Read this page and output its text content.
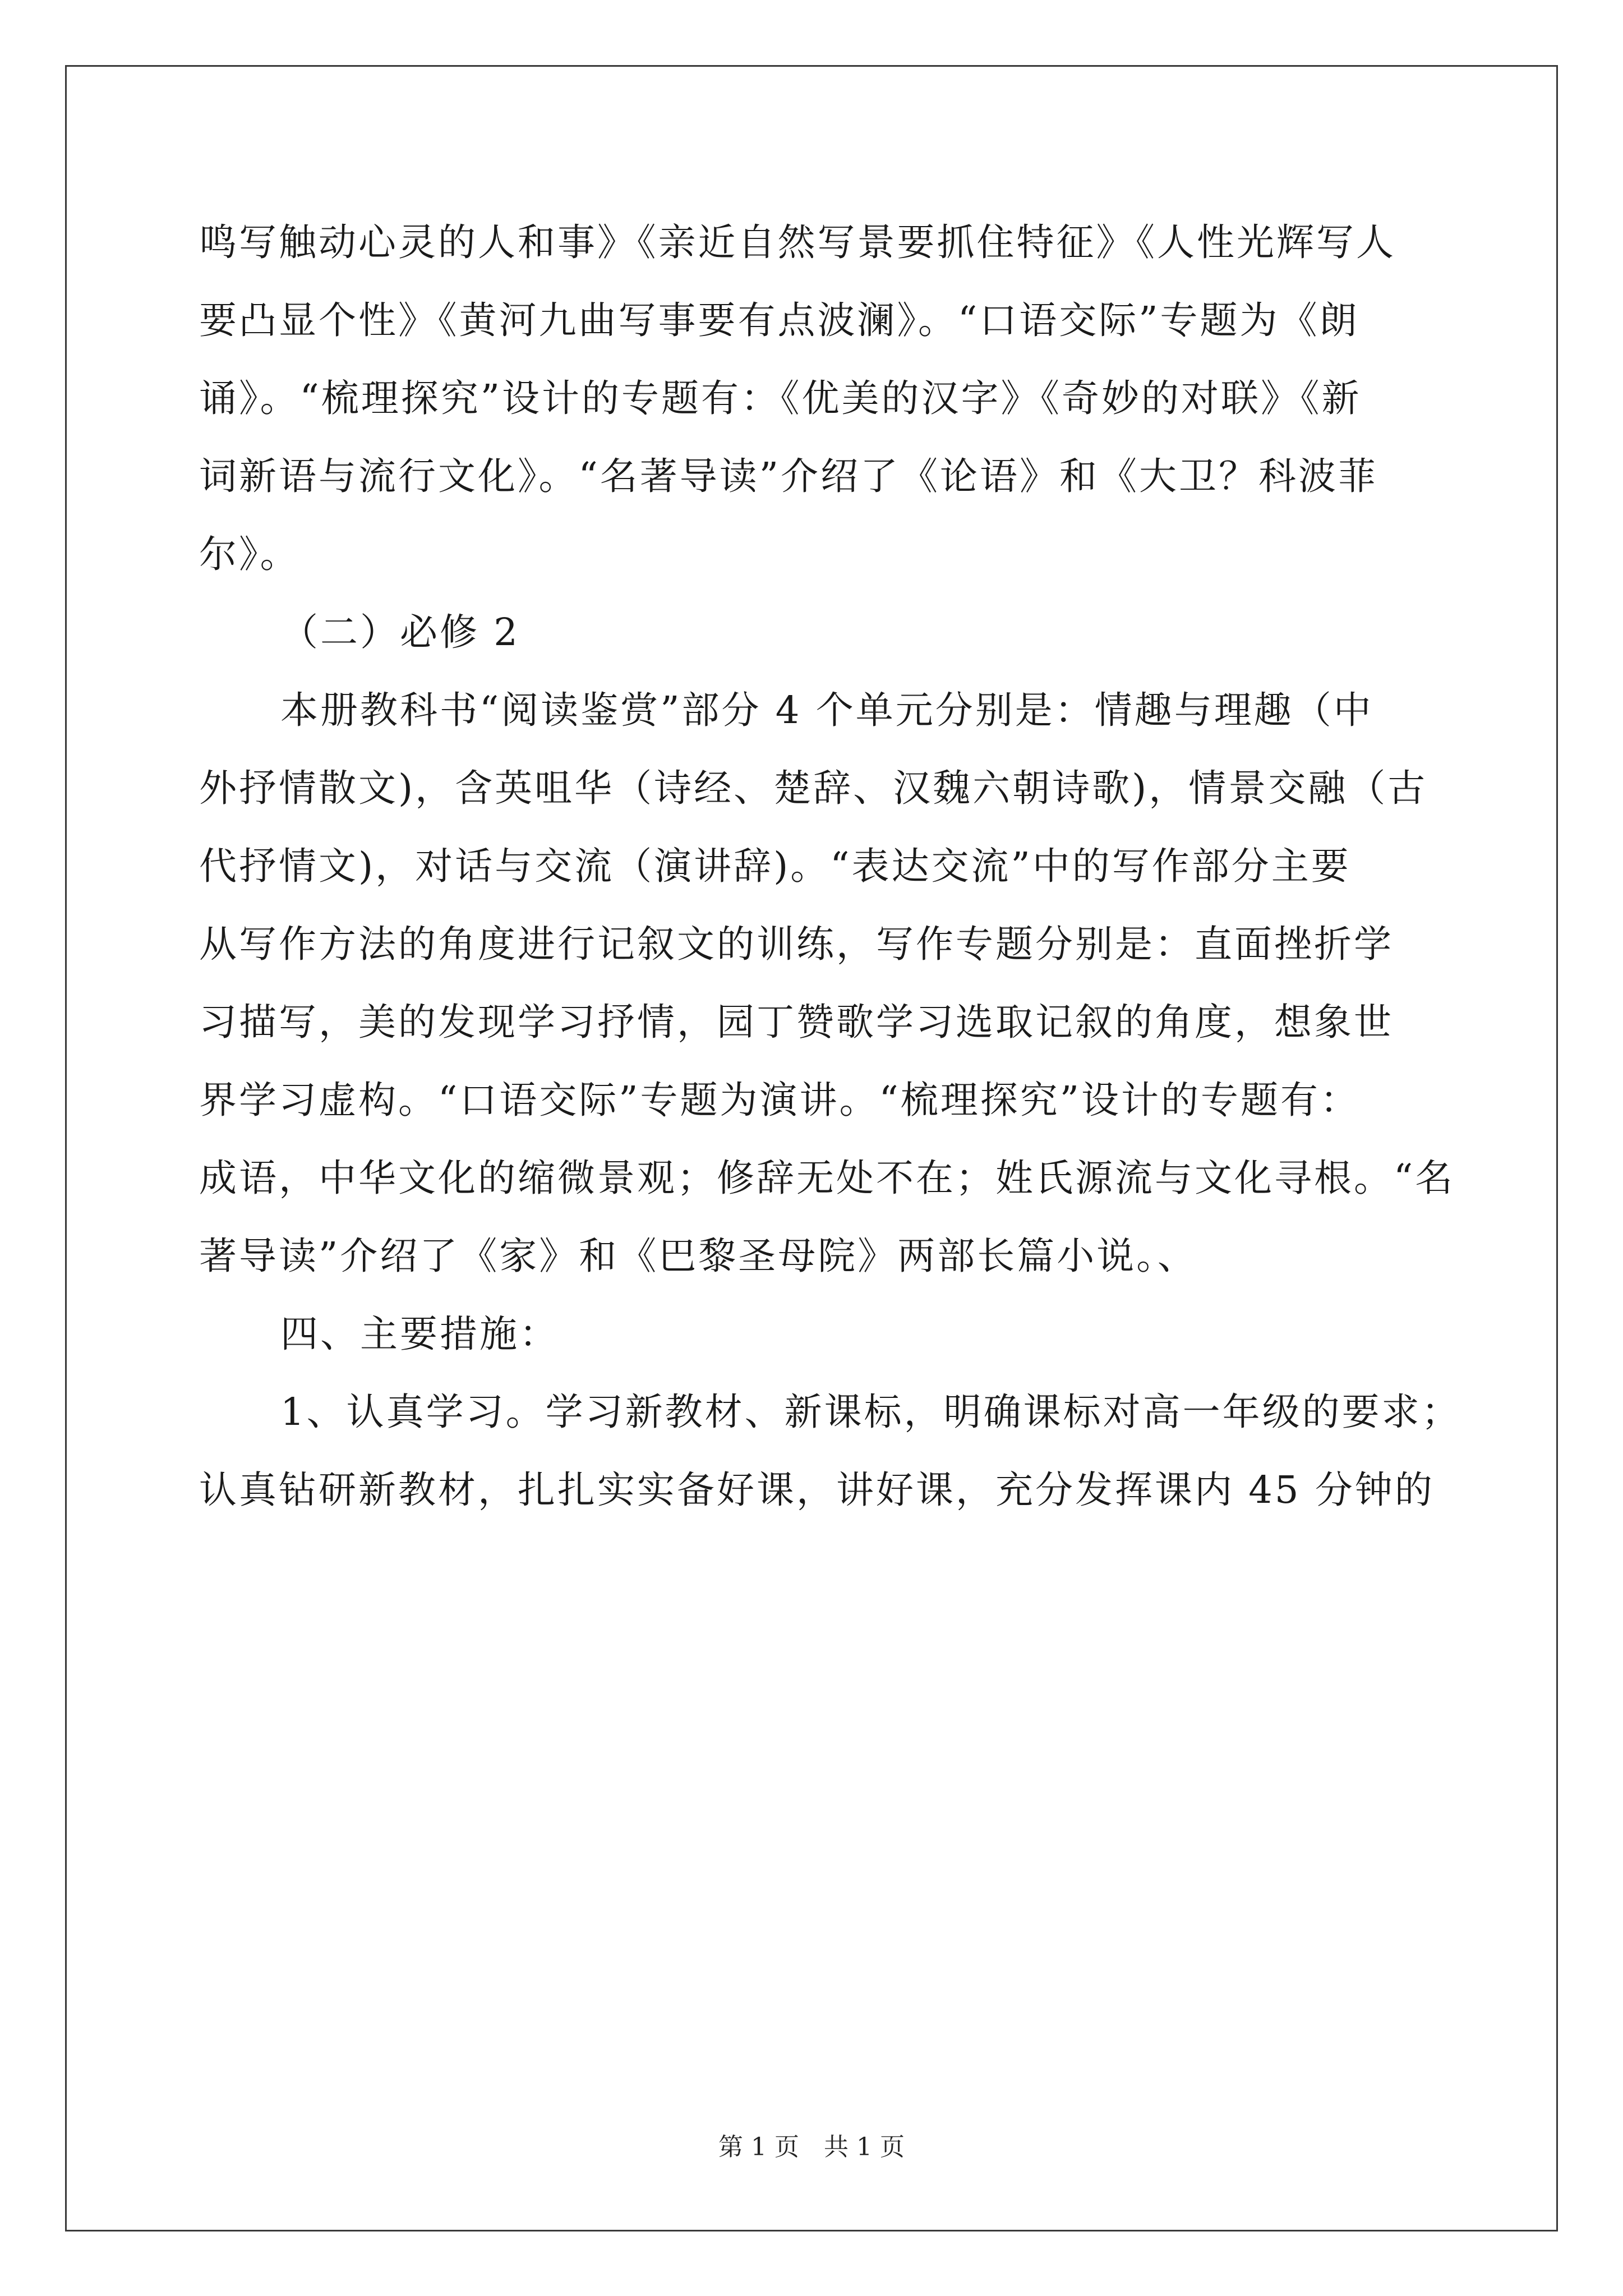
鸣写触动心灵的人和事》《亲近自然写景要抓住特征》《人性光辉写人
要凸显个性》《黄河九曲写事要有点波澜》。“口语交际”专题为《朗
诵》。“梳理探究”设计的专题有：《优美的汉字》《奇妙的对联》《新
词新语与流行文化》。“名著导读”介绍了《论语》和《大卫？科波菲
尔》。
（二）必修 2
本册教科书“阅读鉴赏”部分 4 个单元分别是：情趣与理趣（中
外抒情散文)，含英咀华（诗经、楚辞、汉魏六朝诗歌)，情景交融（古
代抒情文)，对话与交流（演讲辞)。“表达交流”中的写作部分主要
从写作方法的角度进行记叙文的训练，写作专题分别是：直面挫折学
习描写，美的发现学习抒情，园丁赞歌学习选取记叙的角度，想象世
界学习虚构。“口语交际”专题为演讲。“梳理探究”设计的专题有：
成语，中华文化的缩微景观；修辞无处不在；姓氏源流与文化寻根。“名
著导读”介绍了《家》和《巴黎圣母院》两部长篇小说。、
四、主要措施：
1、认真学习。学习新教材、新课标，明确课标对高一年级的要求；
认真钻研新教材，扎扎实实备好课，讲好课，充分发挥课内 45 分钟的
第 1 页　共 1 页
